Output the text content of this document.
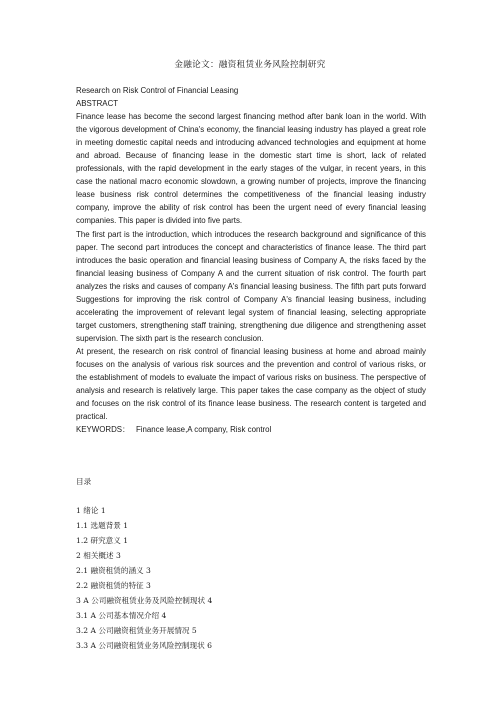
金融论文：融资租赁业务风险控制研究

Research on Risk Control of Financial Leasing

ABSTRACT

Finance lease has become the second largest financing method after bank loan in the world. With the vigorous development of China's economy, the financial leasing industry has played a great role in meeting domestic capital needs and introducing advanced technologies and equipment at home and abroad. Because of financing lease in the domestic start time is short, lack of related professionals, with the rapid development in the early stages of the vulgar, in recent years, in this case the national macro economic slowdown, a growing number of projects, improve the financing lease business risk control determines the competitiveness of the financial leasing industry company, improve the ability of risk control has been the urgent need of every financial leasing companies. This paper is divided into five parts.

The first part is the introduction, which introduces the research background and significance of this paper. The second part introduces the concept and characteristics of finance lease. The third part introduces the basic operation and financial leasing business of Company A, the risks faced by the financial leasing business of Company A and the current situation of risk control. The fourth part analyzes the risks and causes of company A's financial leasing business. The fifth part puts forward Suggestions for improving the risk control of Company A's financial leasing business, including accelerating the improvement of relevant legal system of financial leasing, selecting appropriate target customers, strengthening staff training, strengthening due diligence and strengthening asset supervision. The sixth part is the research conclusion.

At present, the research on risk control of financial leasing business at home and abroad mainly focuses on the analysis of various risk sources and the prevention and control of various risks, or the establishment of models to evaluate the impact of various risks on business. The perspective of analysis and research is relatively large. This paper takes the case company as the object of study and focuses on the risk control of its finance lease business. The research content is targeted and practical.

KEYWORDS： Finance lease,A company, Risk control

目录
1 绪论 1
1.1 选题背景 1
1.2 研究意义 1
2 相关概述 3
2.1 融资租赁的涵义 3
2.2 融资租赁的特征 3
3 A 公司融资租赁业务及风险控制现状 4
3.1 A 公司基本情况介绍 4
3.2 A 公司融资租赁业务开展情况 5
3.3 A 公司融资租赁业务风险控制现状 6
